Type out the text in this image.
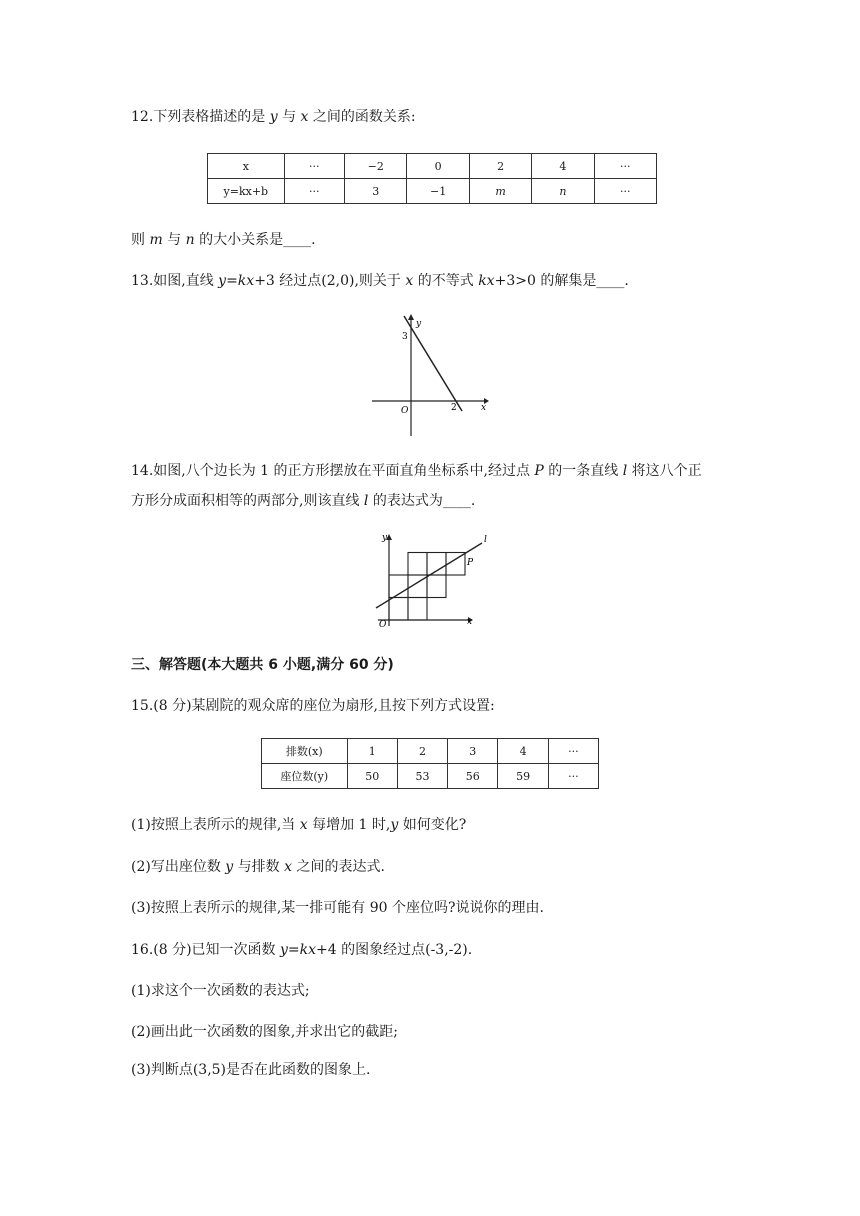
12.下列表格描述的是 y 与 x 之间的函数关系:
x	···	−2	0	2	4	···
y=kx+b	···	3	−1	m	n	···
则 m 与 n 的大小关系是____.
13.如图,直线 y=kx+3 经过点(2,0),则关于 x 的不等式 kx+3>0 的解集是____.
y
x
O
3
2
14.如图,八个边长为 1 的正方形摆放在平面直角坐标系中,经过点 P 的一条直线 l 将这八个正
方形分成面积相等的两部分,则该直线 l 的表达式为____.
y
x
O
P
l
三、解答题(本大题共 6 小题,满分 60 分)
15.(8 分)某剧院的观众席的座位为扇形,且按下列方式设置:
排数(x)	1	2	3	4	···
座位数(y)	50	53	56	59	···
(1)按照上表所示的规律,当 x 每增加 1 时,y 如何变化?
(2)写出座位数 y 与排数 x 之间的表达式.
(3)按照上表所示的规律,某一排可能有 90 个座位吗?说说你的理由.
16.(8 分)已知一次函数 y=kx+4 的图象经过点(-3,-2).
(1)求这个一次函数的表达式;
(2)画出此一次函数的图象,并求出它的截距;
(3)判断点(3,5)是否在此函数的图象上.
